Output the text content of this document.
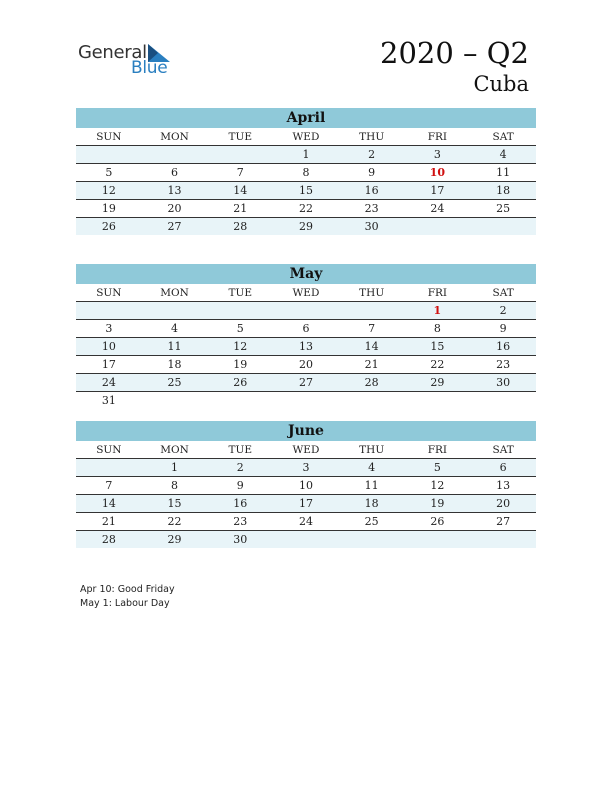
General
Blue	2020 – Q2
Cuba
April
SUN	MON	TUE	WED	THU	FRI	SAT
			1	2	3	4
5	6	7	8	9	10	11
12	13	14	15	16	17	18
19	20	21	22	23	24	25
26	27	28	29	30		
May
SUN	MON	TUE	WED	THU	FRI	SAT
					1	2
3	4	5	6	7	8	9
10	11	12	13	14	15	16
17	18	19	20	21	22	23
24	25	26	27	28	29	30
31						
June
SUN	MON	TUE	WED	THU	FRI	SAT
	1	2	3	4	5	6
7	8	9	10	11	12	13
14	15	16	17	18	19	20
21	22	23	24	25	26	27
28	29	30				
Apr 10: Good Friday
May 1: Labour Day
